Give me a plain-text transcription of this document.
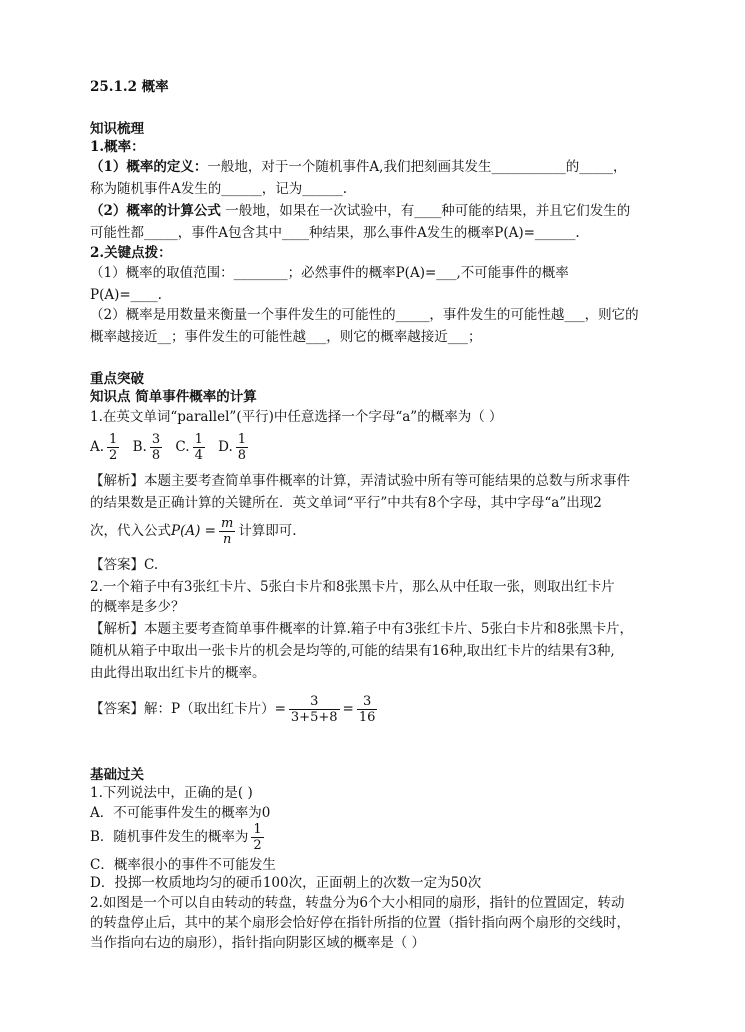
25.1.2 概率
知识梳理
1.概率：
（1）概率的定义：一般地，对于一个随机事件A,我们把刻画其发生___________的_____，
称为随机事件A发生的______，记为______.
（2）概率的计算公式 一般地，如果在一次试验中，有____种可能的结果，并且它们发生的
可能性都_____，事件A包含其中____种结果，那么事件A发生的概率P(A)=______.
2.关键点拨：
（1）概率的取值范围：________；必然事件的概率P(A)=___,不可能事件的概率
P(A)=____.
（2）概率是用数量来衡量一个事件发生的可能性的_____，事件发生的可能性越___，则它的
概率越接近__；事件发生的可能性越___，则它的概率越接近___；
重点突破
知识点 简单事件概率的计算
1.在英文单词“parallel”(平行)中任意选择一个字母“a”的概率为（ ）
A. $\frac{1}{2} B$. $\frac{3}{8} C$. $\frac{1}{4} D$. $\frac{1}{8}$
【解析】本题主要考查简单事件概率的计算，弄清试验中所有等可能结果的总数与所求事件
的结果数是正确计算的关键所在．英文单词“平行”中共有8个字母，其中字母“a”出现2
次，代入公式$P(A) = \frac{m}{n}$ 计算即可.
【答案】C.
2.一个箱子中有3张红卡片、5张白卡片和8张黑卡片，那么从中任取一张，则取出红卡片
的概率是多少？
【解析】本题主要考查简单事件概率的计算.箱子中有3张红卡片、5张白卡片和8张黑卡片，
随机从箱子中取出一张卡片的机会是均等的,可能的结果有16种,取出红卡片的结果有3种,
由此得出取出红卡片的概率。
【答案】解：P（取出红卡片）= $\frac{3}{3+5+8} = \frac{3}{16}$
基础过关
1.下列说法中，正确的是( )
A．不可能事件发生的概率为0
B．随机事件发生的概率为 $\frac{1}{2}$
C．概率很小的事件不可能发生
D．投掷一枚质地均匀的硬币100次，正面朝上的次数一定为50次
2.如图是一个可以自由转动的转盘，转盘分为6个大小相同的扇形，指针的位置固定，转动
的转盘停止后，其中的某个扇形会恰好停在指针所指的位置（指针指向两个扇形的交线时，
当作指向右边的扇形），指针指向阴影区域的概率是（ ）
